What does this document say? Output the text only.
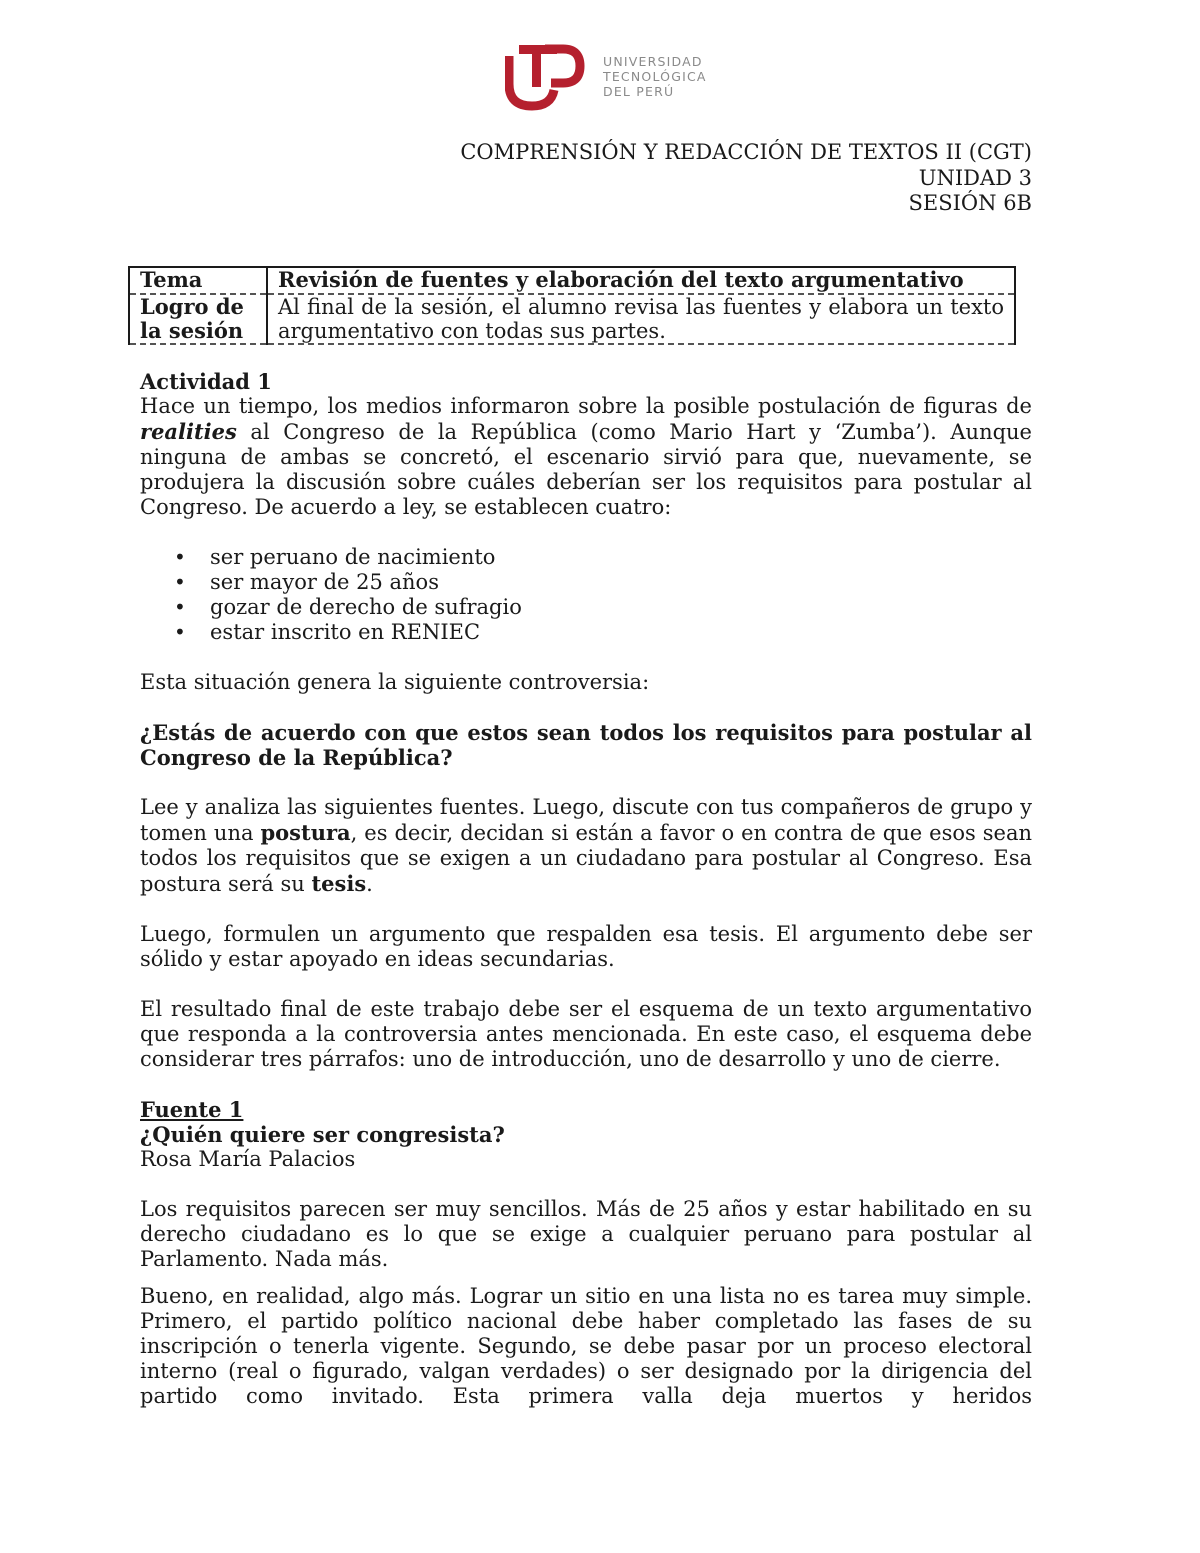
UNIVERSIDAD
TECNOLÓGICA
DEL PERÚ
COMPRENSIÓN Y REDACCIÓN DE TEXTOS II (CGT)
UNIDAD 3
SESIÓN 6B
Tema	Revisión de fuentes y elaboración del texto argumentativo

Logro de
la sesión	Al final de la sesión, el alumno revisa las fuentes y elabora un texto argumentativo con todas sus partes.

Actividad 1

Hace un tiempo, los medios informaron sobre la posible postulación de figuras de realities al Congreso de la República (como Mario Hart y ‘Zumba’). Aunque ninguna de ambas se concretó, el escenario sirvió para que, nuevamente, se produjera la discusión sobre cuáles deberían ser los requisitos para postular al Congreso. De acuerdo a ley, se establecen cuatro:

• ser peruano de nacimiento
• ser mayor de 25 años
• gozar de derecho de sufragio
• estar inscrito en RENIEC

Esta situación genera la siguiente controversia:

¿Estás de acuerdo con que estos sean todos los requisitos para postular al Congreso de la República?

Lee y analiza las siguientes fuentes. Luego, discute con tus compañeros de grupo y tomen una postura, es decir, decidan si están a favor o en contra de que esos sean todos los requisitos que se exigen a un ciudadano para postular al Congreso. Esa postura será su tesis.

Luego, formulen un argumento que respalden esa tesis. El argumento debe ser sólido y estar apoyado en ideas secundarias.

El resultado final de este trabajo debe ser el esquema de un texto argumentativo que responda a la controversia antes mencionada. En este caso, el esquema debe considerar tres párrafos: uno de introducción, uno de desarrollo y uno de cierre.

Fuente 1

¿Quién quiere ser congresista?

Rosa María Palacios

Los requisitos parecen ser muy sencillos. Más de 25 años y estar habilitado en su derecho ciudadano es lo que se exige a cualquier peruano para postular al Parlamento. Nada más.

Bueno, en realidad, algo más. Lograr un sitio en una lista no es tarea muy simple. Primero, el partido político nacional debe haber completado las fases de su inscripción o tenerla vigente. Segundo, se debe pasar por un proceso electoral interno (real o figurado, valgan verdades) o ser designado por la dirigencia del partido como invitado. Esta primera valla deja muertos y heridos
